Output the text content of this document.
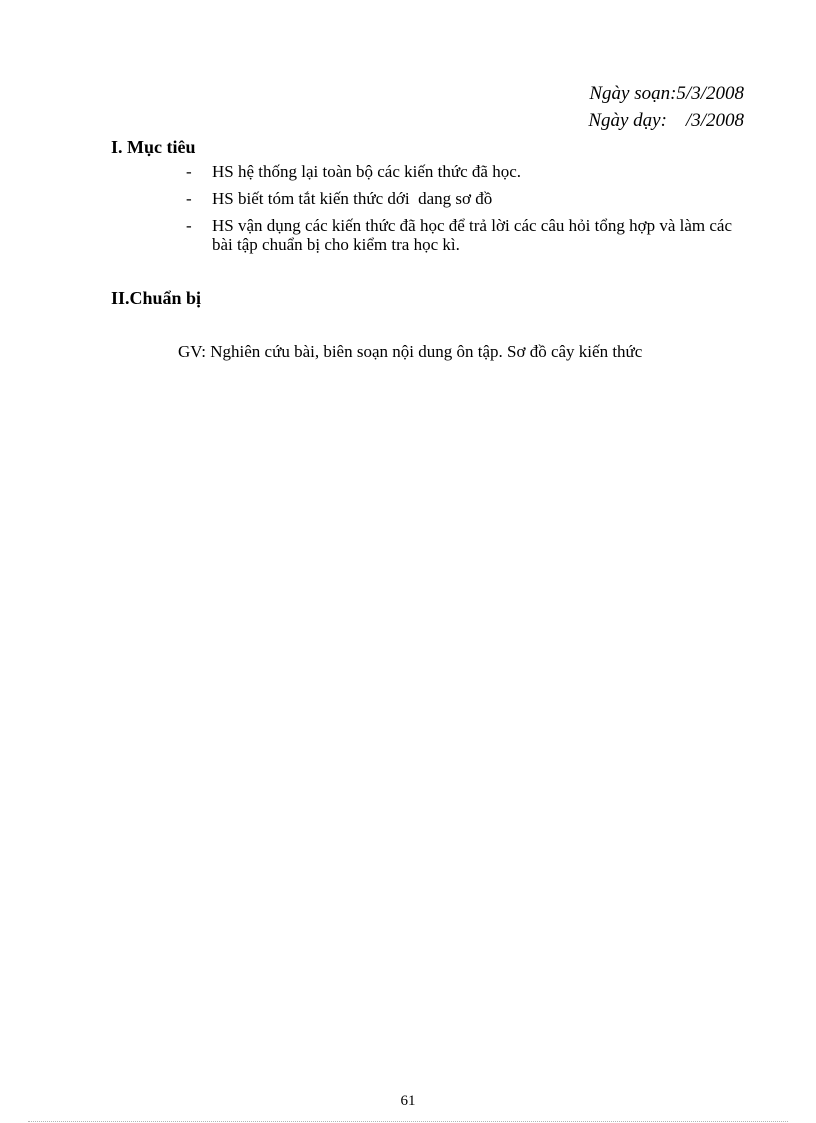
Ngày soạn:5/3/2008
Ngày dạy:    /3/2008
I. Mục tiêu
- HS hệ thống lại toàn bộ các kiến thức đã học.
- HS biết tóm tắt kiến thức dới  dang sơ đồ
- HS vận dụng các kiến thức đã học để trả lời các câu hỏi tổng hợp và làm các bài tập chuẩn bị cho kiểm tra học kì.
II.Chuẩn bị
GV: Nghiên cứu bài, biên soạn nội dung ôn tập. Sơ đồ cây kiến thức
61
